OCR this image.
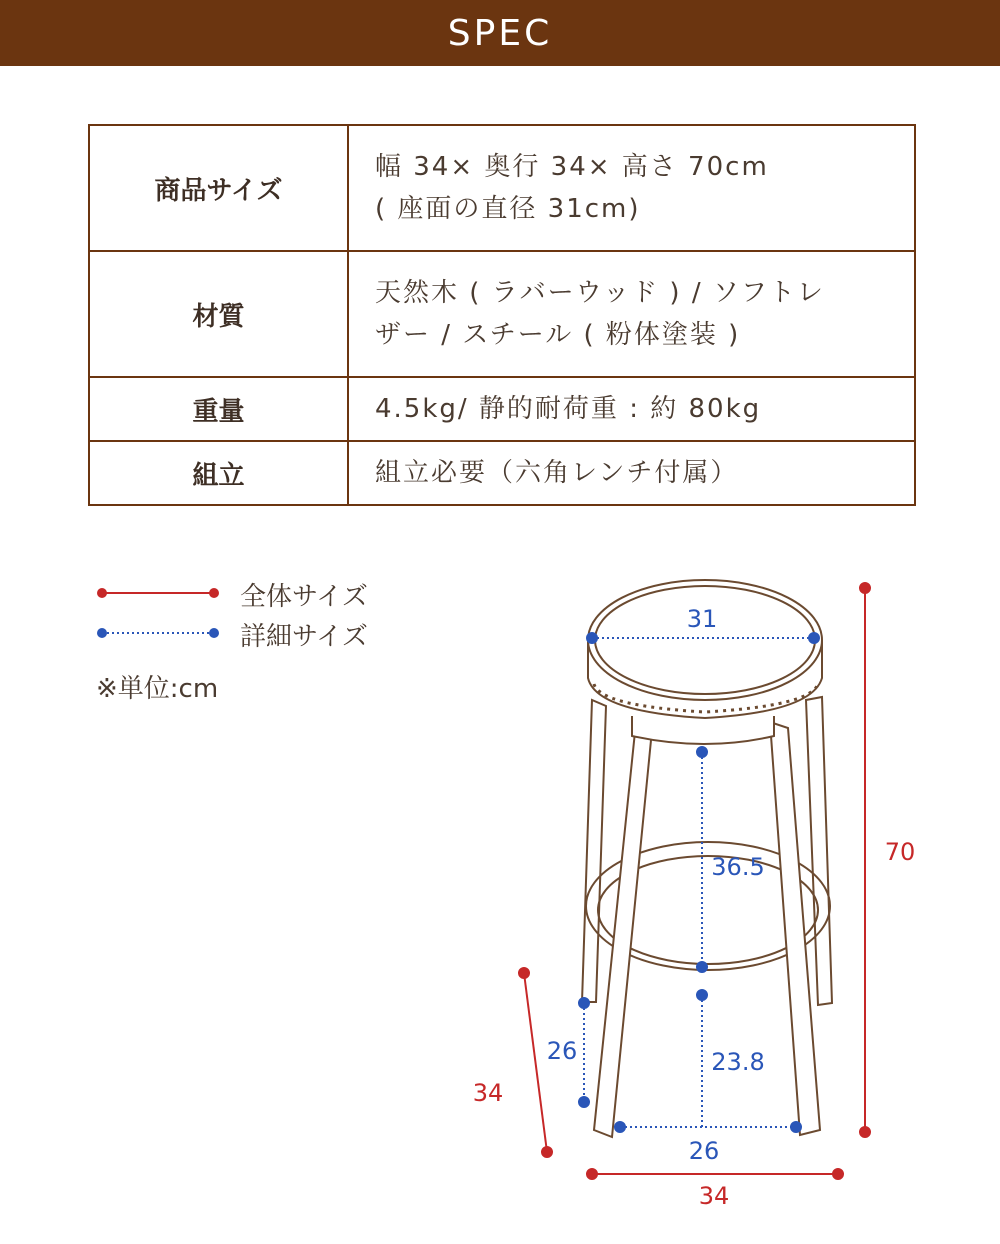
SPEC
商品サイズ	幅 34× 奥行 34× 高さ 70cm
( 座面の直径 31cm)

材質	天然木 ( ラバーウッド ) / ソフトレ
ザー / スチール ( 粉体塗装 )

重量	4.5kg/ 静的耐荷重 : 約 80kg

組立	組立必要（六角レンチ付属）
全体サイズ
詳細サイズ
※単位:cm
31
70
36.5
23.8
26
26
34
34
